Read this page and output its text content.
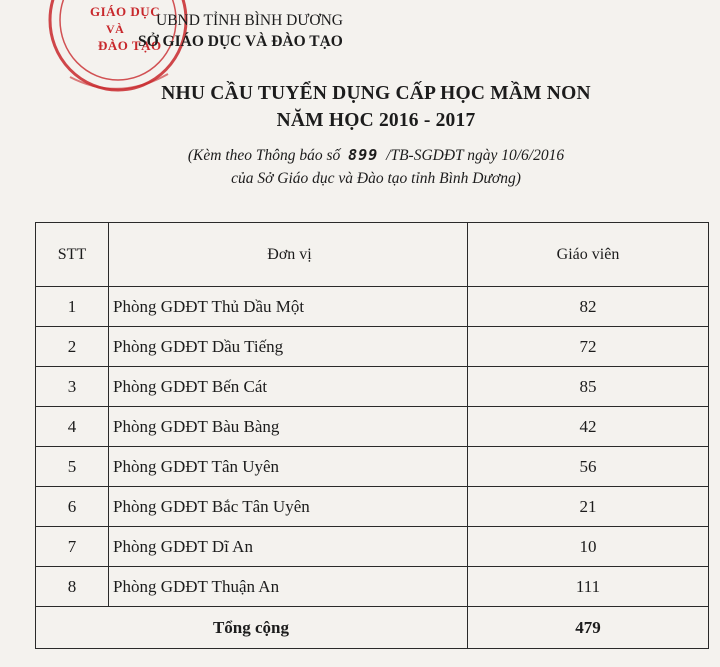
GIÁO DỤC
VÀ
ĐÀO TẠO
UBND TỈNH BÌNH DƯƠNG
SỞ GIÁO DỤC VÀ ĐÀO TẠO
NHU CẦU TUYỂN DỤNG CẤP HỌC MẦM NON
NĂM HỌC 2016 - 2017
(Kèm theo Thông báo số 899 /TB-SGDĐT ngày 10/6/2016
của Sở Giáo dục và Đào tạo tỉnh Bình Dương)
STT	Đơn vị	Giáo viên
1	Phòng GDĐT Thủ Dầu Một	82
2	Phòng GDĐT Dầu Tiếng	72
3	Phòng GDĐT Bến Cát	85
4	Phòng GDĐT Bàu Bàng	42
5	Phòng GDĐT Tân Uyên	56
6	Phòng GDĐT Bắc Tân Uyên	21
7	Phòng GDĐT Dĩ An	10
8	Phòng GDĐT Thuận An	111
Tổng cộng		479
